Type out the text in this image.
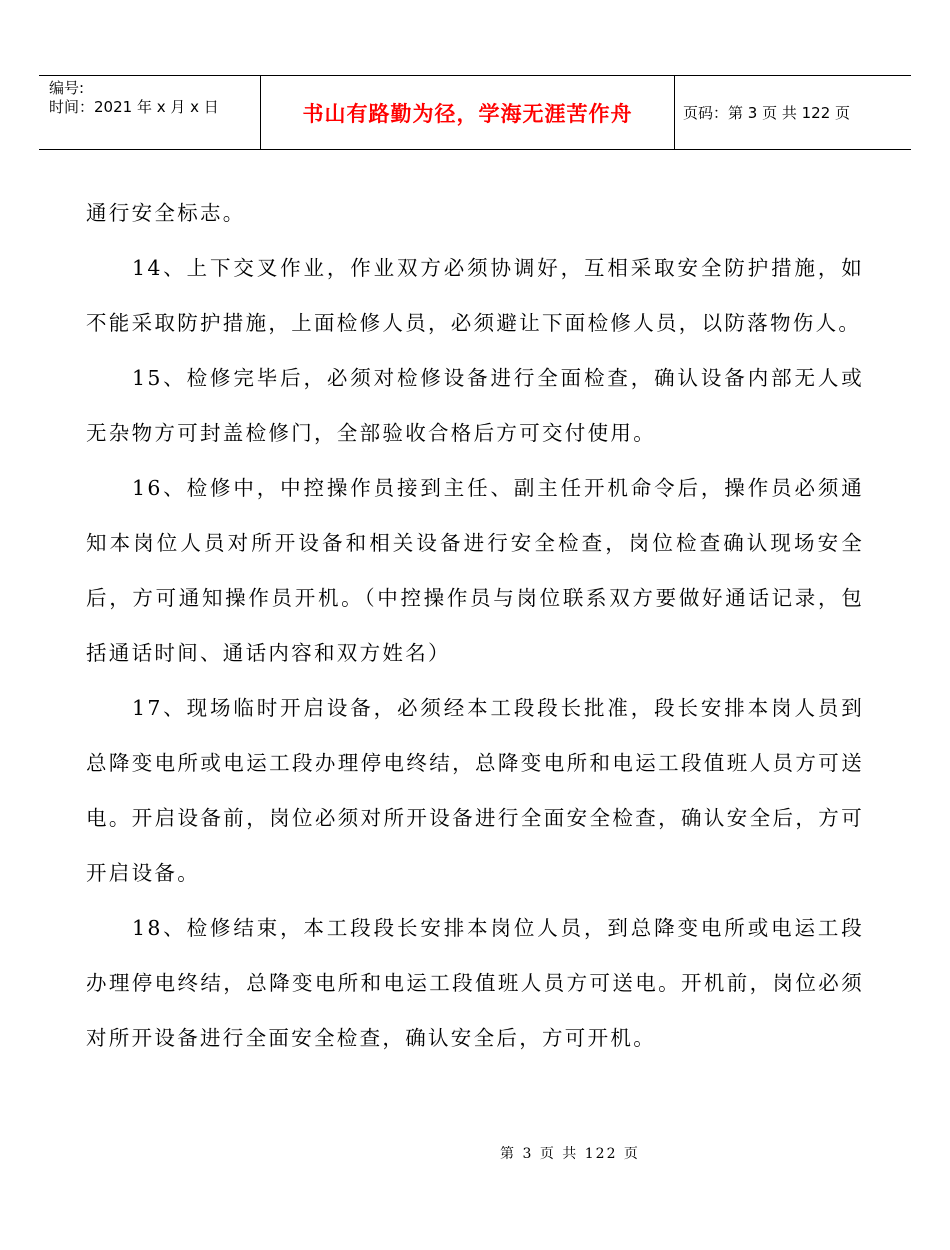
编号:
时间：2021 年 x 月 x 日	书山有路勤为径，学海无涯苦作舟	页码：第 3 页 共 122 页

通行安全标志。

14、上下交叉作业，作业双方必须协调好，互相采取安全防护措施，如不能采取防护措施，上面检修人员，必须避让下面检修人员，以防落物伤人。

15、检修完毕后，必须对检修设备进行全面检查，确认设备内部无人或无杂物方可封盖检修门，全部验收合格后方可交付使用。

16、检修中，中控操作员接到主任、副主任开机命令后，操作员必须通知本岗位人员对所开设备和相关设备进行安全检查，岗位检查确认现场安全后，方可通知操作员开机。（中控操作员与岗位联系双方要做好通话记录，包括通话时间、通话内容和双方姓名）

17、现场临时开启设备，必须经本工段段长批准，段长安排本岗人员到总降变电所或电运工段办理停电终结，总降变电所和电运工段值班人员方可送电。开启设备前，岗位必须对所开设备进行全面安全检查，确认安全后，方可开启设备。

18、检修结束，本工段段长安排本岗位人员，到总降变电所或电运工段办理停电终结，总降变电所和电运工段值班人员方可送电。开机前，岗位必须对所开设备进行全面安全检查，确认安全后，方可开机。

第 3 页 共 122 页
